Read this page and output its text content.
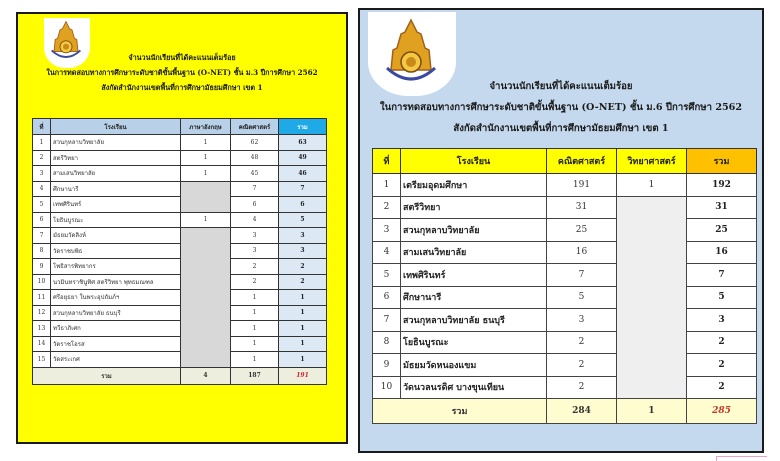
จำนวนนักเรียนที่ได้คะแนนเต็มร้อย
ในการทดสอบทางการศึกษาระดับชาติขั้นพื้นฐาน (O-NET) ชั้น ม.3 ปีการศึกษา 2562
สังกัดสำนักงานเขตพื้นที่การศึกษามัธยมศึกษา เขต 1
ที่	โรงเรียน	ภาษาอังกฤษ	คณิตศาสตร์	รวม
1	สวนกุหลาบวิทยาลัย	1	62	63
2	สตรีวิทยา	1	48	49
3	สามเสนวิทยาลัย	1	45	46
4	ศึกษานารี		7	7
5	เทพศิรินทร์		6	6
6	โยธินบูรณะ	1	4	5
7	มัธยมวัดสิงห์		3	3
8	วัดราชบพิธ		3	3
9	โพธิสารพิทยากร		2	2
10	นวมินทราชินูทิศ สตรีวิทยา พุทธมณฑล		2	2
11	ศรีอยุธยา ในพระอุปถัมภ์ฯ		1	1
12	สวนกุหลาบวิทยาลัย ธนบุรี		1	1
13	ทวีธาภิเศก		1	1
14	วัดราชโอรส		1	1
15	วัดสระเกศ		1	1
รวม		4	187	191
จำนวนนักเรียนที่ได้คะแนนเต็มร้อย
ในการทดสอบทางการศึกษาระดับชาติขั้นพื้นฐาน (O-NET) ชั้น ม.6 ปีการศึกษา 2562
สังกัดสำนักงานเขตพื้นที่การศึกษามัธยมศึกษา เขต 1
ที่	โรงเรียน	คณิตศาสตร์	วิทยาศาสตร์	รวม
1	เตรียมอุดมศึกษา	191	1	192
2	สตรีวิทยา	31		31
3	สวนกุหลาบวิทยาลัย	25		25
4	สามเสนวิทยาลัย	16		16
5	เทพศิรินทร์	7		7
6	ศึกษานารี	5		5
7	สวนกุหลาบวิทยาลัย ธนบุรี	3		3
8	โยธินบูรณะ	2		2
9	มัธยมวัดหนองแขม	2		2
10	วัดนวลนรดิศ บางขุนเทียน	2		2
รวม		284	1	285
